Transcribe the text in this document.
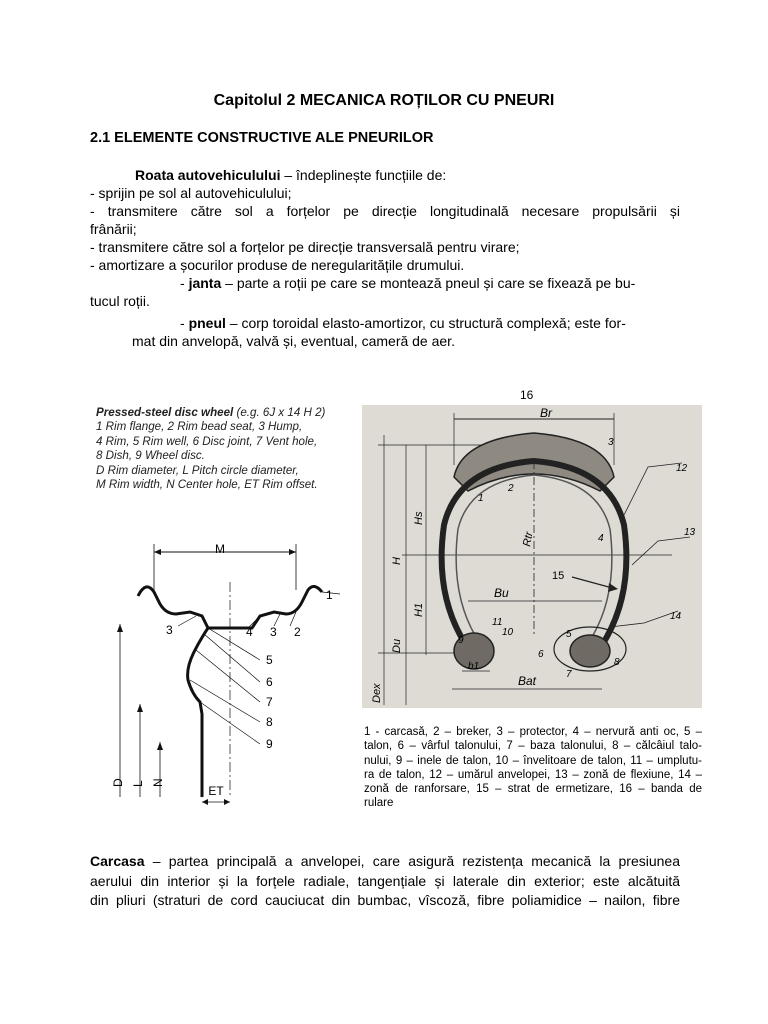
Capitolul 2 MECANICA ROȚILOR CU PNEURI
2.1 ELEMENTE CONSTRUCTIVE ALE PNEURILOR
Roata autovehiculului – îndeplinește funcțiile de:
- sprijin pe sol al autovehiculului;
- transmitere către sol a forțelor pe direcție longitudinală necesare propulsării și
frânării;
- transmitere către sol a forțelor pe direcție transversală pentru virare;
- amortizare a șocurilor produse de neregularitățile drumului.
- janta – parte a roții pe care se montează pneul și care se fixează pe bu-
tucul roții.
- pneul – corp toroidal elasto-amortizor, cu structură complexă; este for-
mat din anvelopă, valvă și, eventual, cameră de aer.
Pressed-steel disc wheel (e.g. 6J x 14 H 2)
1 Rim flange, 2 Rim bead seat, 3 Hump,
4 Rim, 5 Rim well, 6 Disc joint, 7 Vent hole,
8 Dish, 9 Wheel disc.
D Rim diameter, L Pitch circle diameter,
M Rim width, N Center hole, ET Rim offset.
M
ET
1
3	4 3 2
5
6
7
8
9
D L N
16
Br
Hs
H
H1
Du
Dex
Rtr
Bu
Bat
b1
1
2
3
4
5
6
7
8
9
10
11
12
13
14
15
1 - carcasă, 2 – breker, 3 – protector, 4 – nervură anti oc, 5 –
talon, 6 – vârful talonului, 7 – baza talonului, 8 – călcâiul talo-
nului, 9 – inele de talon, 10 – învelitoare de talon, 11 – umplutu-
ra de talon, 12 – umărul anvelopei, 13 – zonă de flexiune, 14 –
zonă de ranforsare, 15 – strat de ermetizare, 16 – banda de
rulare
Carcasa – partea principală a anvelopei, care asigură rezistența mecanică la presiunea
aerului din interior și la forțele radiale, tangențiale și laterale din exterior; este alcătuită
din pliuri (straturi de cord cauciucat din bumbac, vîscoză, fibre poliamidice – nailon, fibre
